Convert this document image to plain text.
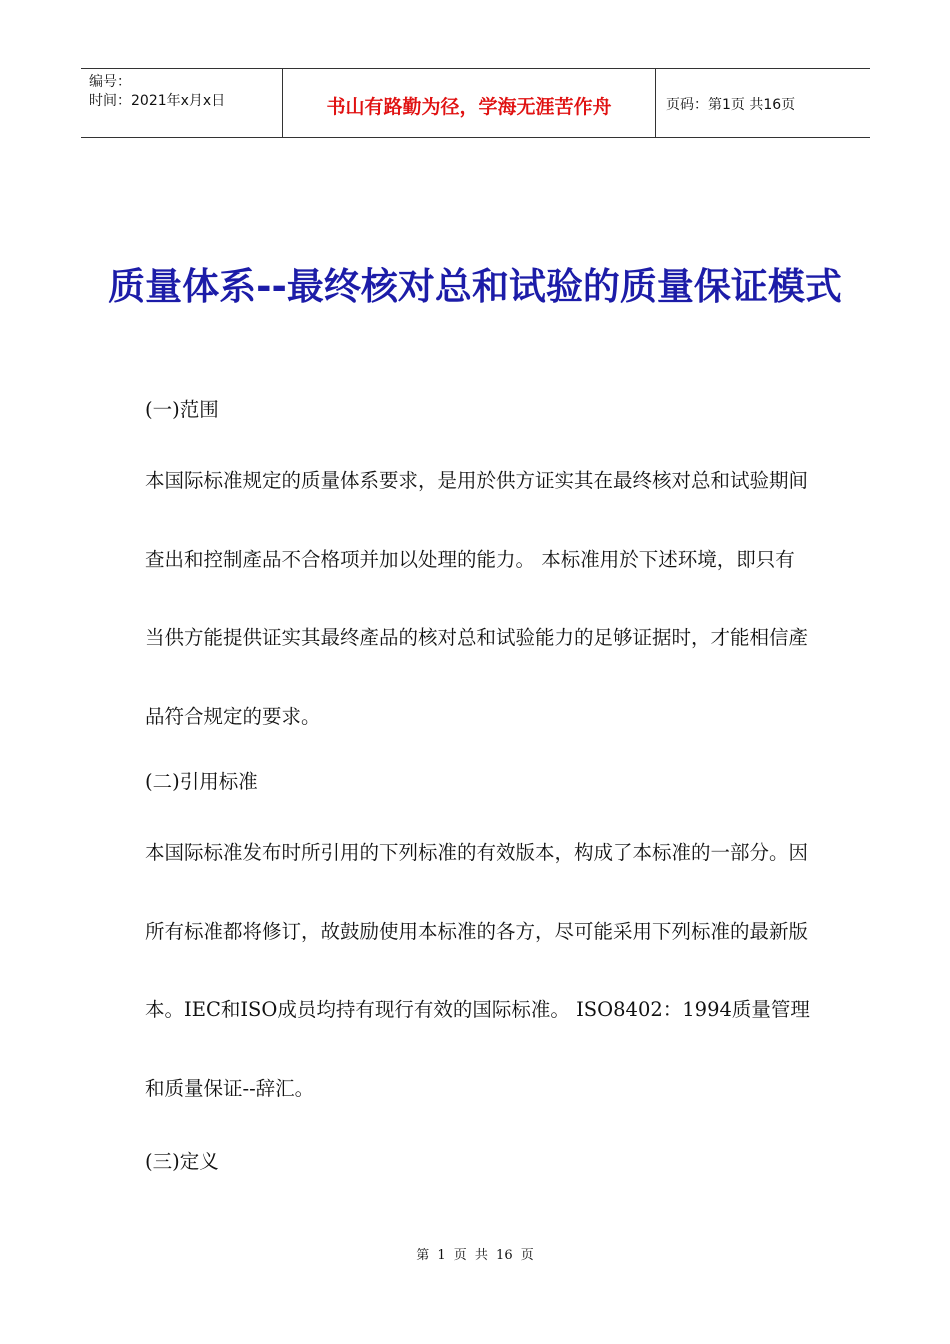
编号：
时间：2021年x月x日	书山有路勤为径，学海无涯苦作舟	页码：第1页 共16页
质量体系--最终核对总和试验的质量保证模式

(一)范围

本国际标准规定的质量体系要求，是用於供方证实其在最终核对总和试验期间查出和控制產品不合格项并加以处理的能力。 本标准用於下述环境，即只有当供方能提供证实其最终產品的核对总和试验能力的足够证据时，才能相信產品符合规定的要求。

(二)引用标准

本国际标准发布时所引用的下列标准的有效版本，构成了本标准的一部分。因所有标准都将修订，故鼓励使用本标准的各方，尽可能采用下列标准的最新版本。IEC和ISO成员均持有现行有效的国际标准。 ISO8402：1994质量管理和质量保证--辞汇。

(三)定义

第 1 页 共 16 页
